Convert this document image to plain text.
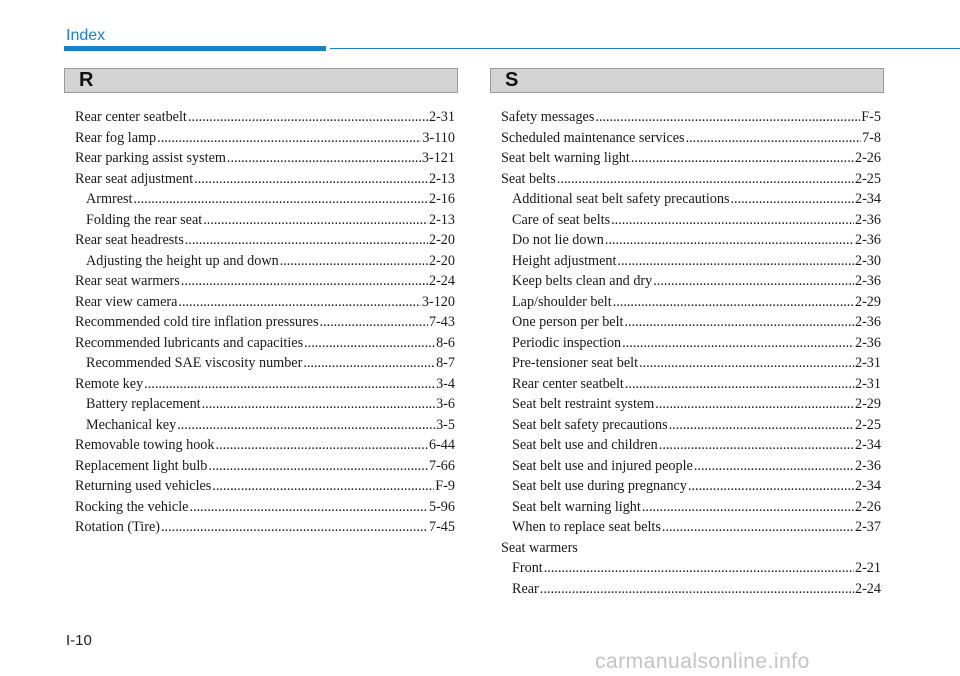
Index
R	S
Rear center seatbelt .....	2-31
Rear fog lamp .....	3-110
Rear parking assist system .....	3-121
Rear seat adjustment .....	2-13
Armrest .....	2-16
Folding the rear seat .....	2-13
Rear seat headrests .....	2-20
Adjusting the height up and down .....	2-20
Rear seat warmers .....	2-24
Rear view camera .....	3-120
Recommended cold tire inflation pressures .....	7-43
Recommended lubricants and capacities .....	8-6
Recommended SAE viscosity number .....	8-7
Remote key .....	3-4
Battery replacement .....	3-6
Mechanical key .....	3-5
Removable towing hook .....	6-44
Replacement light bulb .....	7-66
Returning used vehicles .....	F-9
Rocking the vehicle .....	5-96
Rotation (Tire) .....	7-45
Safety messages .....	F-5
Scheduled maintenance services .....	7-8
Seat belt warning light .....	2-26
Seat belts .....	2-25
Additional seat belt safety precautions .....	2-34
Care of seat belts .....	2-36
Do not lie down .....	2-36
Height adjustment .....	2-30
Keep belts clean and dry .....	2-36
Lap/shoulder belt .....	2-29
One person per belt .....	2-36
Periodic inspection .....	2-36
Pre-tensioner seat belt .....	2-31
Rear center seatbelt .....	2-31
Seat belt restraint system .....	2-29
Seat belt safety precautions .....	2-25
Seat belt use and children .....	2-34
Seat belt use and injured people .....	2-36
Seat belt use during pregnancy .....	2-34
Seat belt warning light .....	2-26
When to replace seat belts .....	2-37
Seat warmers
Front .....	2-21
Rear .....	2-24
I-10
carmanualsonline.info
